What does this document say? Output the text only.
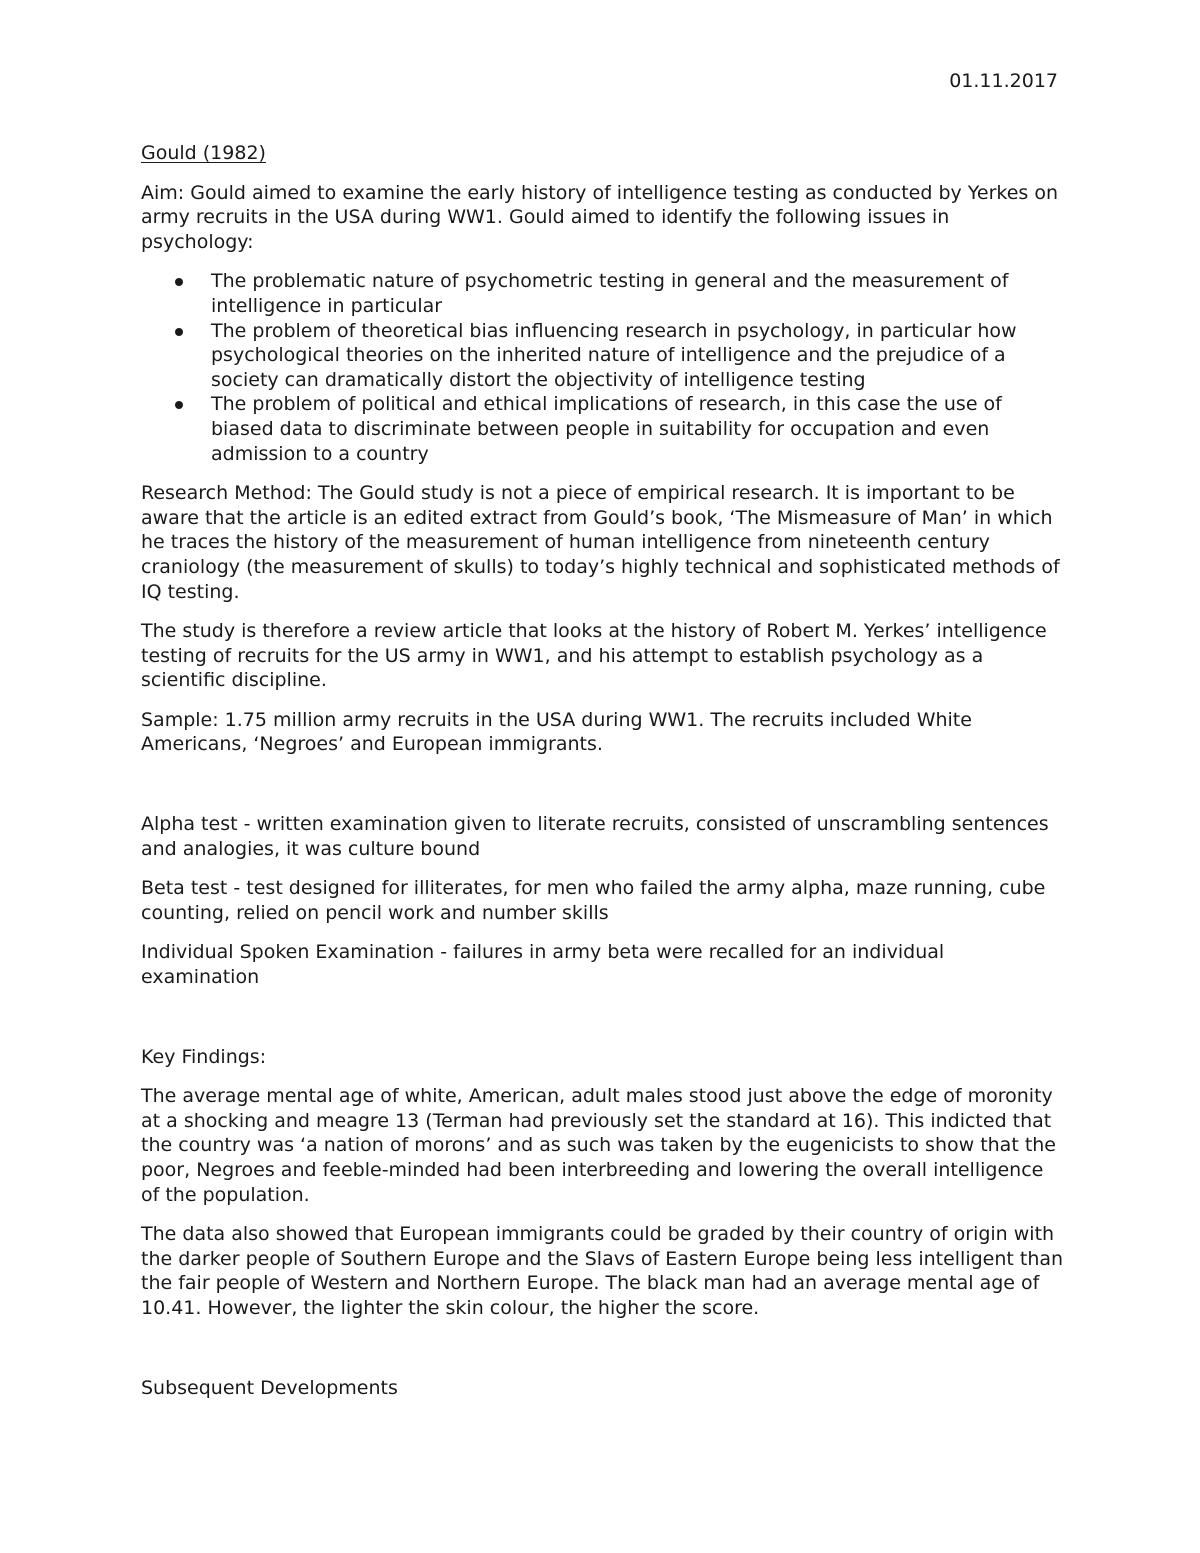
01.11.2017
Gould (1982)

Aim: Gould aimed to examine the early history of intelligence testing as conducted by Yerkes on army recruits in the USA during WW1. Gould aimed to identify the following issues in psychology:

The problematic nature of psychometric testing in general and the measurement of intelligence in particular
The problem of theoretical bias influencing research in psychology, in particular how psychological theories on the inherited nature of intelligence and the prejudice of a society can dramatically distort the objectivity of intelligence testing
The problem of political and ethical implications of research, in this case the use of biased data to discriminate between people in suitability for occupation and even admission to a country

Research Method: The Gould study is not a piece of empirical research. It is important to be aware that the article is an edited extract from Gould’s book, ‘The Mismeasure of Man’ in which he traces the history of the measurement of human intelligence from nineteenth century craniology (the measurement of skulls) to today’s highly technical and sophisticated methods of IQ testing.

The study is therefore a review article that looks at the history of Robert M. Yerkes’ intelligence testing of recruits for the US army in WW1, and his attempt to establish psychology as a scientific discipline.

Sample: 1.75 million army recruits in the USA during WW1. The recruits included White Americans, ‘Negroes’ and European immigrants.

Alpha test - written examination given to literate recruits, consisted of unscrambling sentences and analogies, it was culture bound

Beta test - test designed for illiterates, for men who failed the army alpha, maze running, cube counting, relied on pencil work and number skills

Individual Spoken Examination - failures in army beta were recalled for an individual examination

Key Findings:

The average mental age of white, American, adult males stood just above the edge of moronity at a shocking and meagre 13 (Terman had previously set the standard at 16). This indicted that the country was ‘a nation of morons’ and as such was taken by the eugenicists to show that the poor, Negroes and feeble-minded had been interbreeding and lowering the overall intelligence of the population.

The data also showed that European immigrants could be graded by their country of origin with the darker people of Southern Europe and the Slavs of Eastern Europe being less intelligent than the fair people of Western and Northern Europe. The black man had an average mental age of 10.41. However, the lighter the skin colour, the higher the score.

Subsequent Developments
